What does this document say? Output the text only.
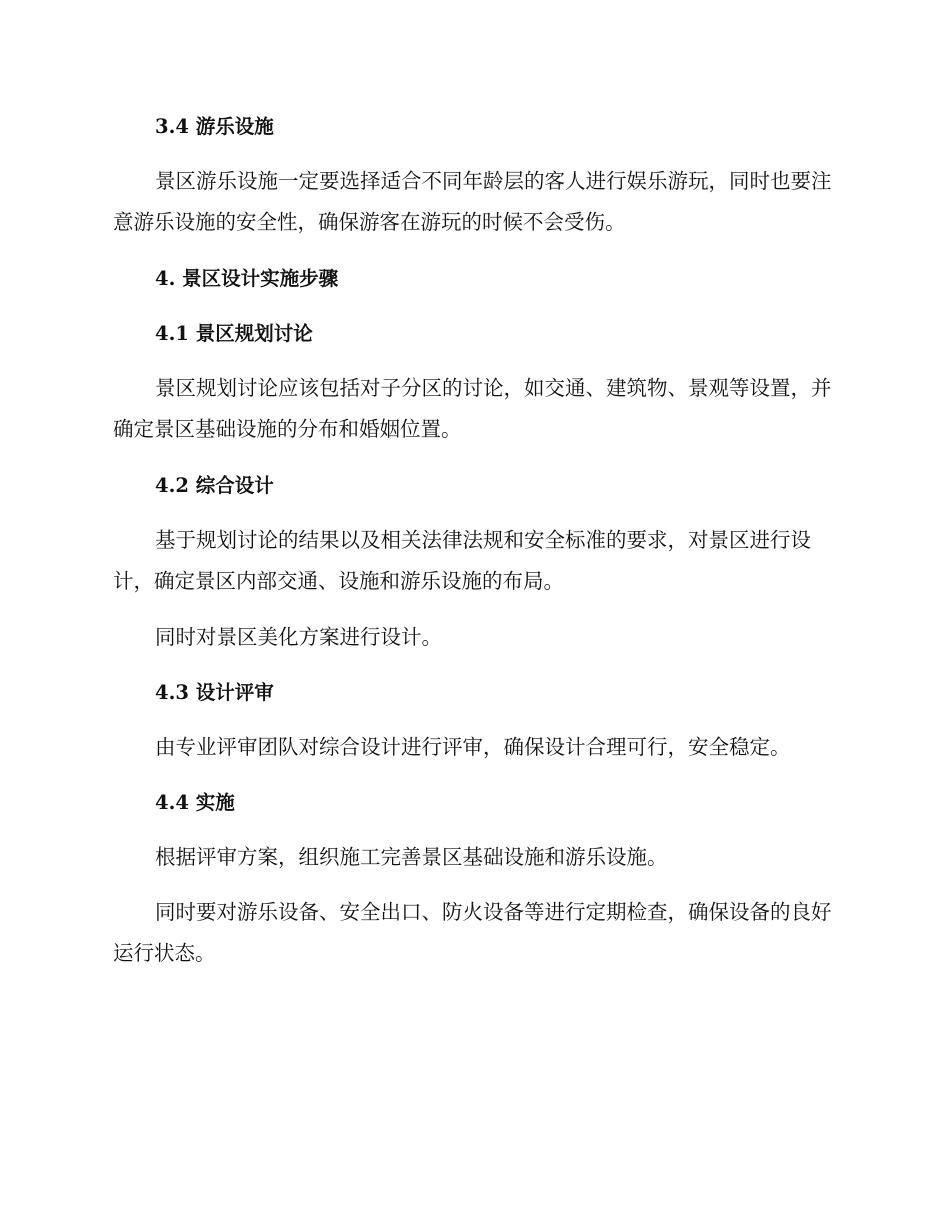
3.4 游乐设施

景区游乐设施一定要选择适合不同年龄层的客人进行娱乐游玩，同时也要注意游乐设施的安全性，确保游客在游玩的时候不会受伤。

4. 景区设计实施步骤
4.1 景区规划讨论

景区规划讨论应该包括对子分区的讨论，如交通、建筑物、景观等设置，并确定景区基础设施的分布和婚姻位置。

4.2 综合设计

基于规划讨论的结果以及相关法律法规和安全标准的要求，对景区进行设计，确定景区内部交通、设施和游乐设施的布局。

同时对景区美化方案进行设计。

4.3 设计评审

由专业评审团队对综合设计进行评审，确保设计合理可行，安全稳定。

4.4 实施

根据评审方案，组织施工完善景区基础设施和游乐设施。

同时要对游乐设备、安全出口、防火设备等进行定期检查，确保设备的良好运行状态。
